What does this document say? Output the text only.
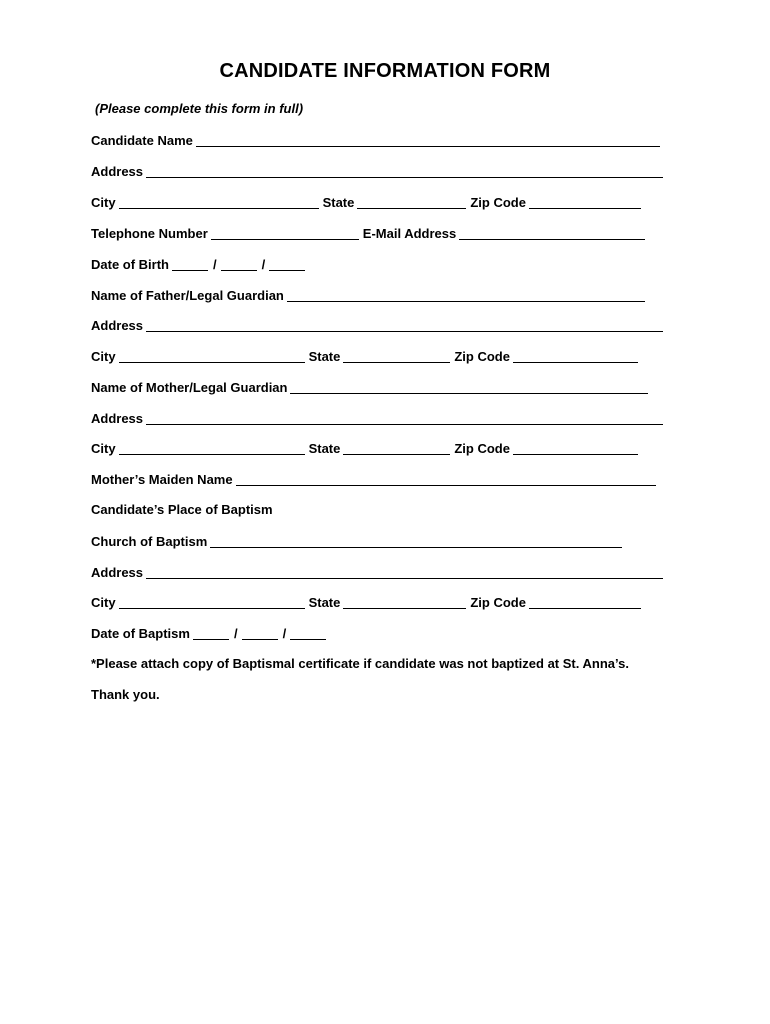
CANDIDATE INFORMATION FORM
(Please complete this form in full)
Candidate Name
Address
City	State	Zip Code
Telephone Number	E-Mail Address
Date of Birth	/	/
Name of Father/Legal Guardian
Address
City	State	Zip Code
Name of Mother/Legal Guardian
Address
City	State	Zip Code
Mother’s Maiden Name
Candidate’s Place of Baptism
Church of Baptism
Address
City	State	Zip Code
Date of Baptism	/	/
*Please attach copy of Baptismal certificate if candidate was not baptized at St. Anna’s.
Thank you.
